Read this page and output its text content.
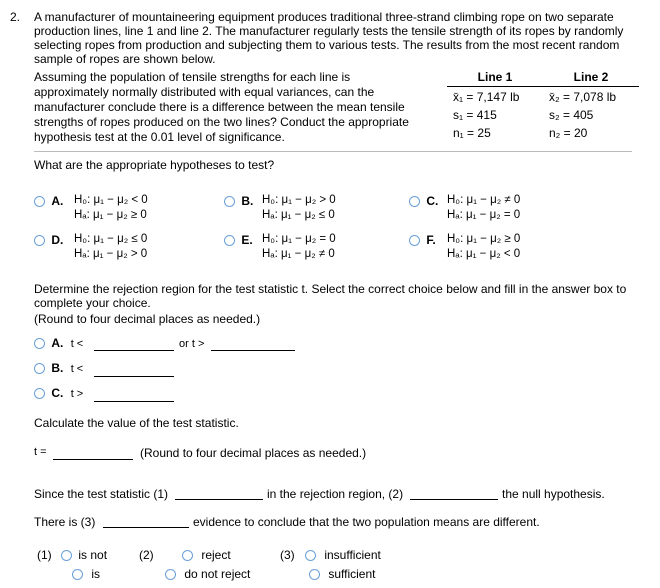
2. A manufacturer of mountaineering equipment produces traditional three-strand climbing rope on two separate production lines, line 1 and line 2. The manufacturer regularly tests the tensile strength of its ropes by randomly selecting ropes from production and subjecting them to various tests. The results from the most recent random sample of ropes are shown below.
Assuming the population of tensile strengths for each line is
approximately normally distributed with equal variances, can the
manufacturer conclude there is a difference between the mean tensile
strengths of ropes produced on the two lines? Conduct the appropriate
hypothesis test at the 0.01 level of significance.
Line 1	Line 2
x̄₁ = 7,147 lb	x̄₂ = 7,078 lb
s₁ = 415	s₂ = 405
n₁ = 25	n₂ = 20
What are the appropriate hypotheses to test?
A. H₀: μ₁ − μ₂ < 0
Hₐ: μ₁ − μ₂ ≥ 0
B. H₀: μ₁ − μ₂ > 0
Hₐ: μ₁ − μ₂ ≤ 0
C. H₀: μ₁ − μ₂ ≠ 0
Hₐ: μ₁ − μ₂ = 0
D. H₀: μ₁ − μ₂ ≤ 0
Hₐ: μ₁ − μ₂ > 0
E. H₀: μ₁ − μ₂ = 0
Hₐ: μ₁ − μ₂ ≠ 0
F. H₀: μ₁ − μ₂ ≥ 0
Hₐ: μ₁ − μ₂ < 0
Determine the rejection region for the test statistic t. Select the correct choice below and fill in the answer box to complete your choice.
(Round to four decimal places as needed.)
A. t <	or t >
B. t <
C. t >
Calculate the value of the test statistic.
t =	(Round to four decimal places as needed.)
Since the test statistic (1)	in the rejection region, (2)	the null hypothesis.
There is (3)	evidence to conclude that the two population means are different.
(1)	is not
is
(2)	reject
do not reject
(3)	insufficient
sufficient
